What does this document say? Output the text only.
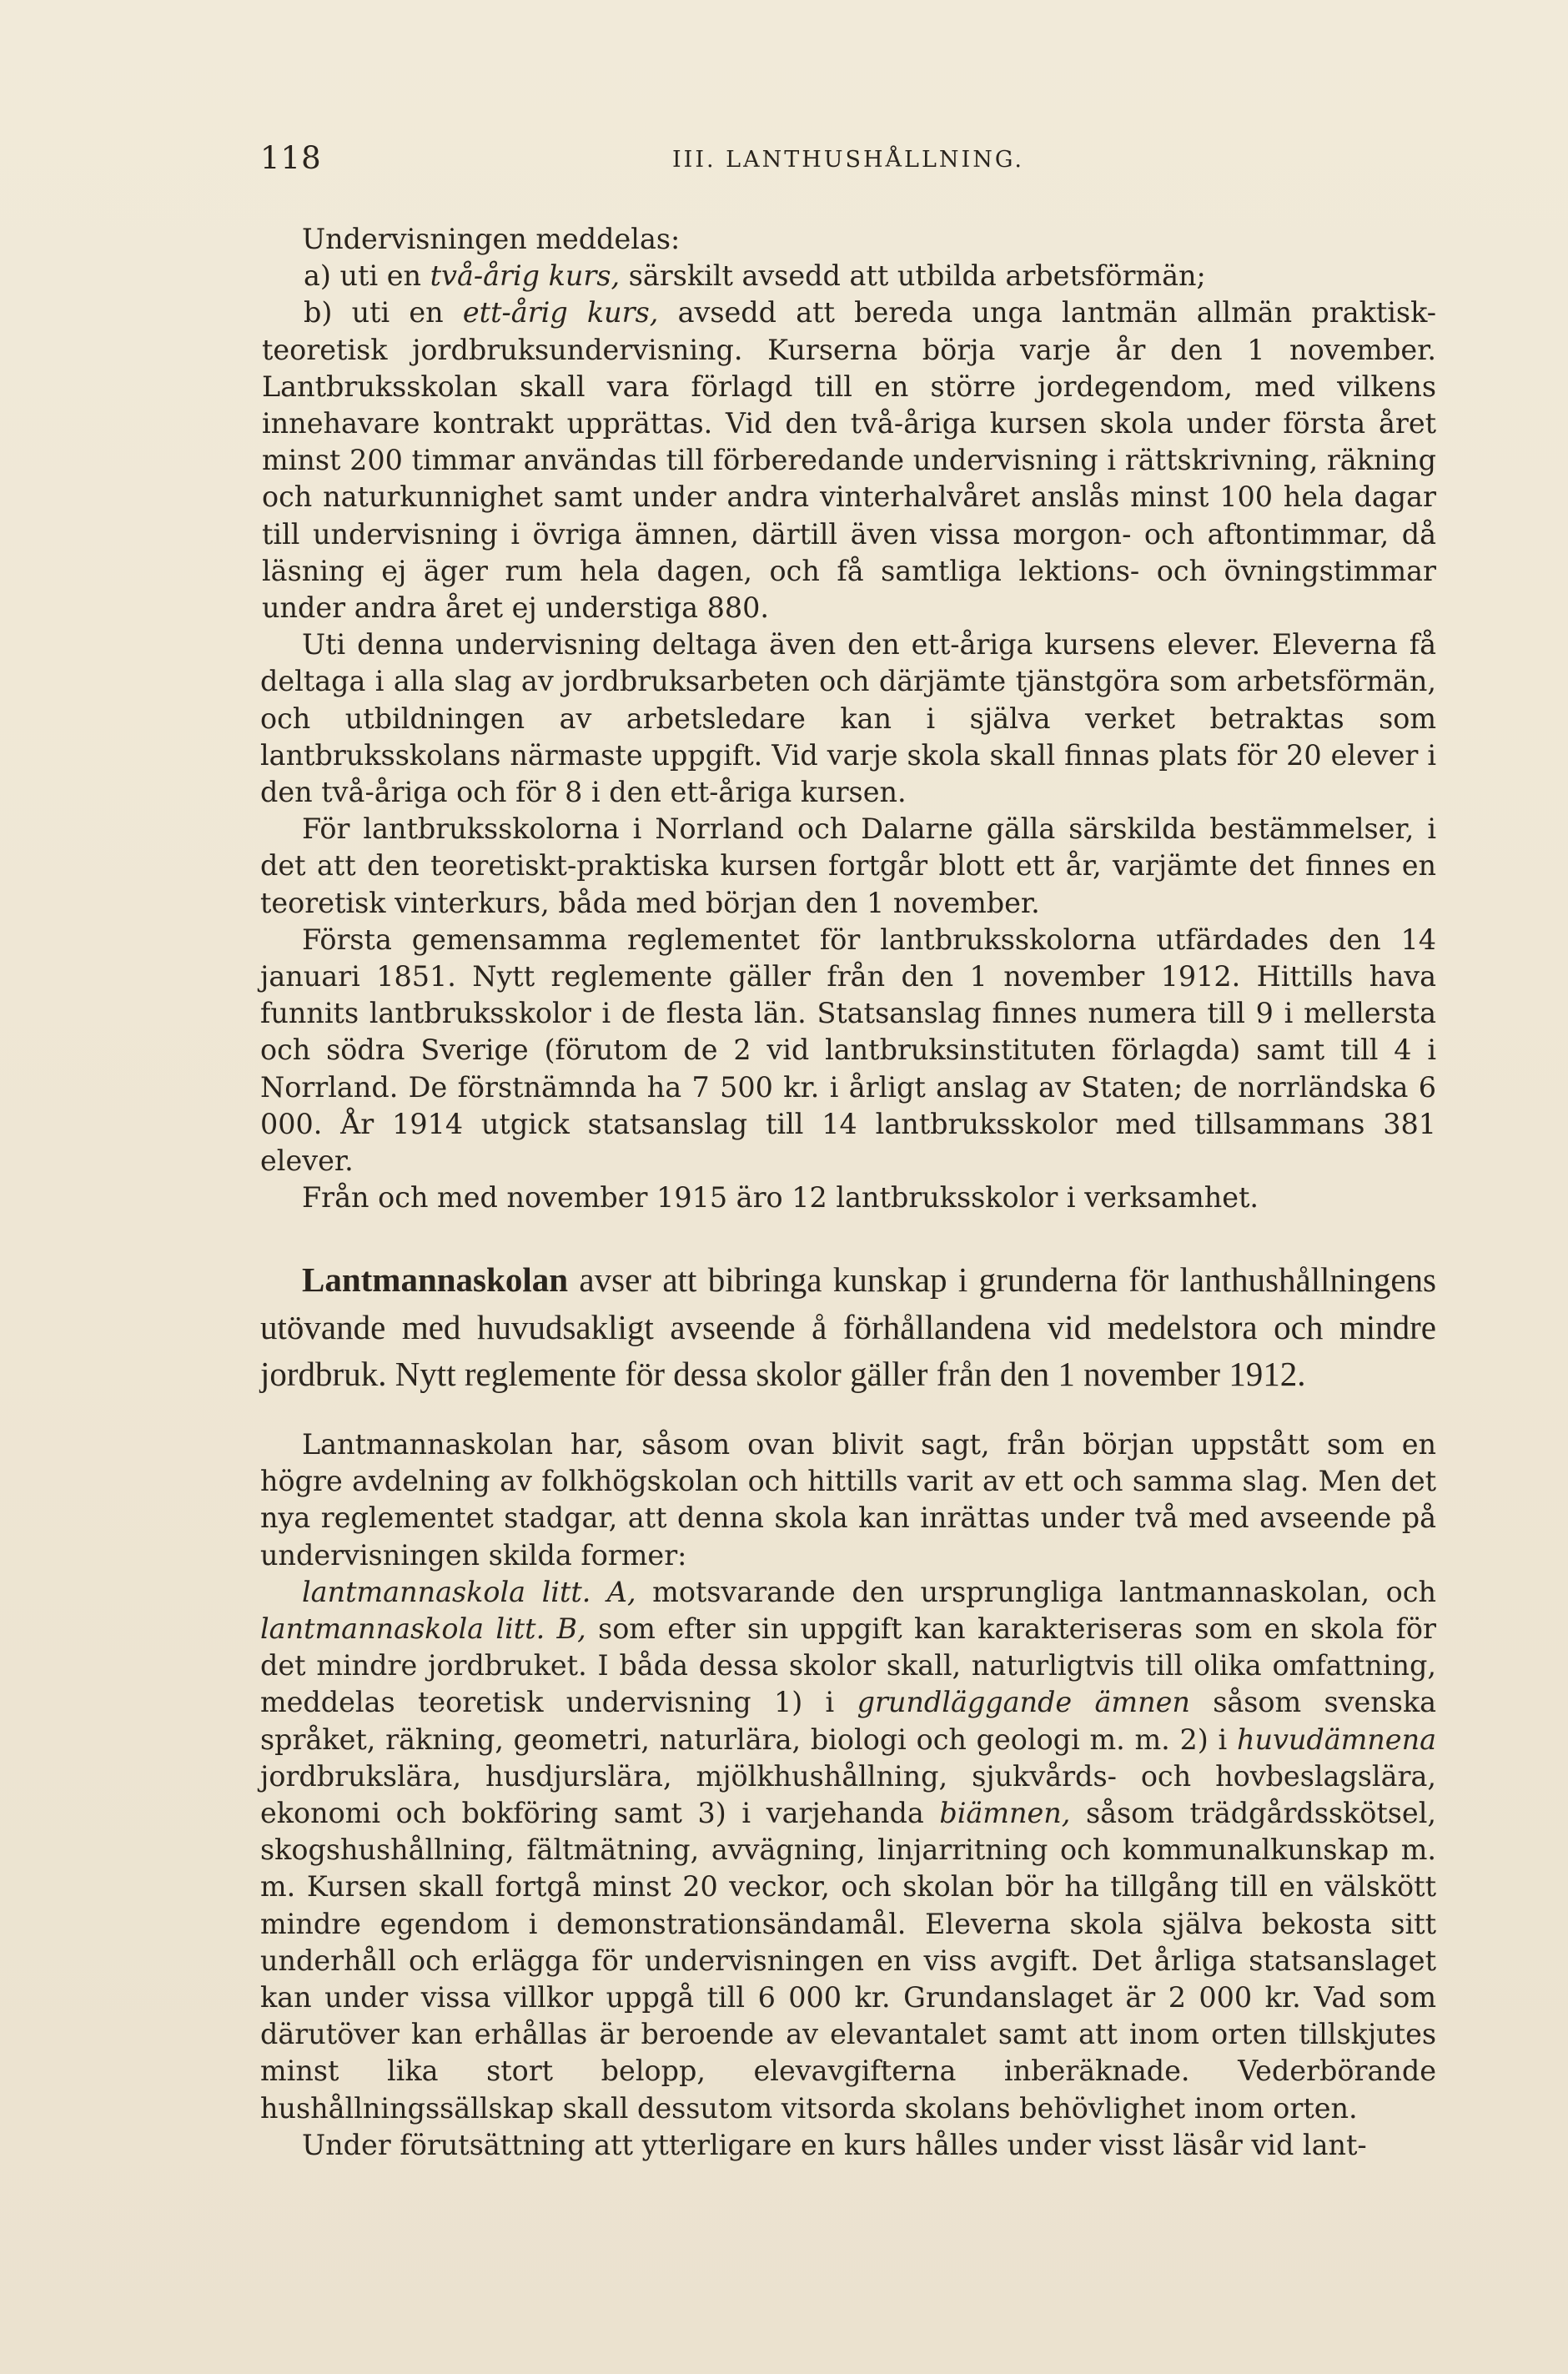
118	III. LANTHUSHÅLLNING.

Undervisningen meddelas:

a) uti en två-årig kurs, särskilt avsedd att utbilda arbetsförmän;

b) uti en ett-årig kurs, avsedd att bereda unga lantmän allmän praktisk-teoretisk jordbruksundervisning. Kurserna börja varje år den 1 november. Lantbruksskolan skall vara förlagd till en större jordegendom, med vilkens innehavare kontrakt upprättas. Vid den två-åriga kursen skola under första året minst 200 timmar användas till förberedande undervisning i rättskrivning, räkning och naturkunnighet samt under andra vinterhalvåret anslås minst 100 hela dagar till undervisning i övriga ämnen, därtill även vissa morgon- och aftontimmar, då läsning ej äger rum hela dagen, och få samtliga lektions- och övningstimmar under andra året ej understiga 880.

Uti denna undervisning deltaga även den ett-åriga kursens elever. Eleverna få deltaga i alla slag av jordbruksarbeten och därjämte tjänstgöra som arbetsförmän, och utbildningen av arbetsledare kan i själva verket betraktas som lantbruksskolans närmaste uppgift. Vid varje skola skall finnas plats för 20 elever i den två-åriga och för 8 i den ett-åriga kursen.

För lantbruksskolorna i Norrland och Dalarne gälla särskilda bestämmelser, i det att den teoretiskt-praktiska kursen fortgår blott ett år, varjämte det finnes en teoretisk vinterkurs, båda med början den 1 november.

Första gemensamma reglementet för lantbruksskolorna utfärdades den 14 januari 1851. Nytt reglemente gäller från den 1 november 1912. Hittills hava funnits lantbruksskolor i de flesta län. Statsanslag finnes numera till 9 i mellersta och södra Sverige (förutom de 2 vid lantbruksinstituten förlagda) samt till 4 i Norrland. De förstnämnda ha 7 500 kr. i årligt anslag av Staten; de norrländska 6 000. År 1914 utgick statsanslag till 14 lantbruksskolor med tillsammans 381 elever.

Från och med november 1915 äro 12 lantbruksskolor i verksamhet.

Lantmannaskolan avser att bibringa kunskap i grunderna för lanthushållningens utövande med huvudsakligt avseende å förhållandena vid medelstora och mindre jordbruk. Nytt reglemente för dessa skolor gäller från den 1 november 1912.

Lantmannaskolan har, såsom ovan blivit sagt, från början uppstått som en högre avdelning av folkhögskolan och hittills varit av ett och samma slag. Men det nya reglementet stadgar, att denna skola kan inrättas under två med avseende på undervisningen skilda former:

lantmannaskola litt. A, motsvarande den ursprungliga lantmannaskolan, och lantmannaskola litt. B, som efter sin uppgift kan karakteriseras som en skola för det mindre jordbruket. I båda dessa skolor skall, naturligtvis till olika omfattning, meddelas teoretisk undervisning 1) i grundläggande ämnen såsom svenska språket, räkning, geometri, naturlära, biologi och geologi m. m. 2) i huvudämnena jordbrukslära, husdjurslära, mjölkhushållning, sjukvårds- och hovbeslagslära, ekonomi och bokföring samt 3) i varjehanda biämnen, såsom trädgårdsskötsel, skogshushållning, fältmätning, avvägning, linjarritning och kommunalkunskap m. m. Kursen skall fortgå minst 20 veckor, och skolan bör ha tillgång till en välskött mindre egendom i demonstrationsändamål. Eleverna skola själva bekosta sitt underhåll och erlägga för undervisningen en viss avgift. Det årliga statsanslaget kan under vissa villkor uppgå till 6 000 kr. Grundanslaget är 2 000 kr. Vad som därutöver kan erhållas är beroende av elevantalet samt att inom orten tillskjutes minst lika stort belopp, elevavgifterna inberäknade. Vederbörande hushållningssällskap skall dessutom vitsorda skolans behövlighet inom orten.

Under förutsättning att ytterligare en kurs hålles under visst läsår vid lant-
